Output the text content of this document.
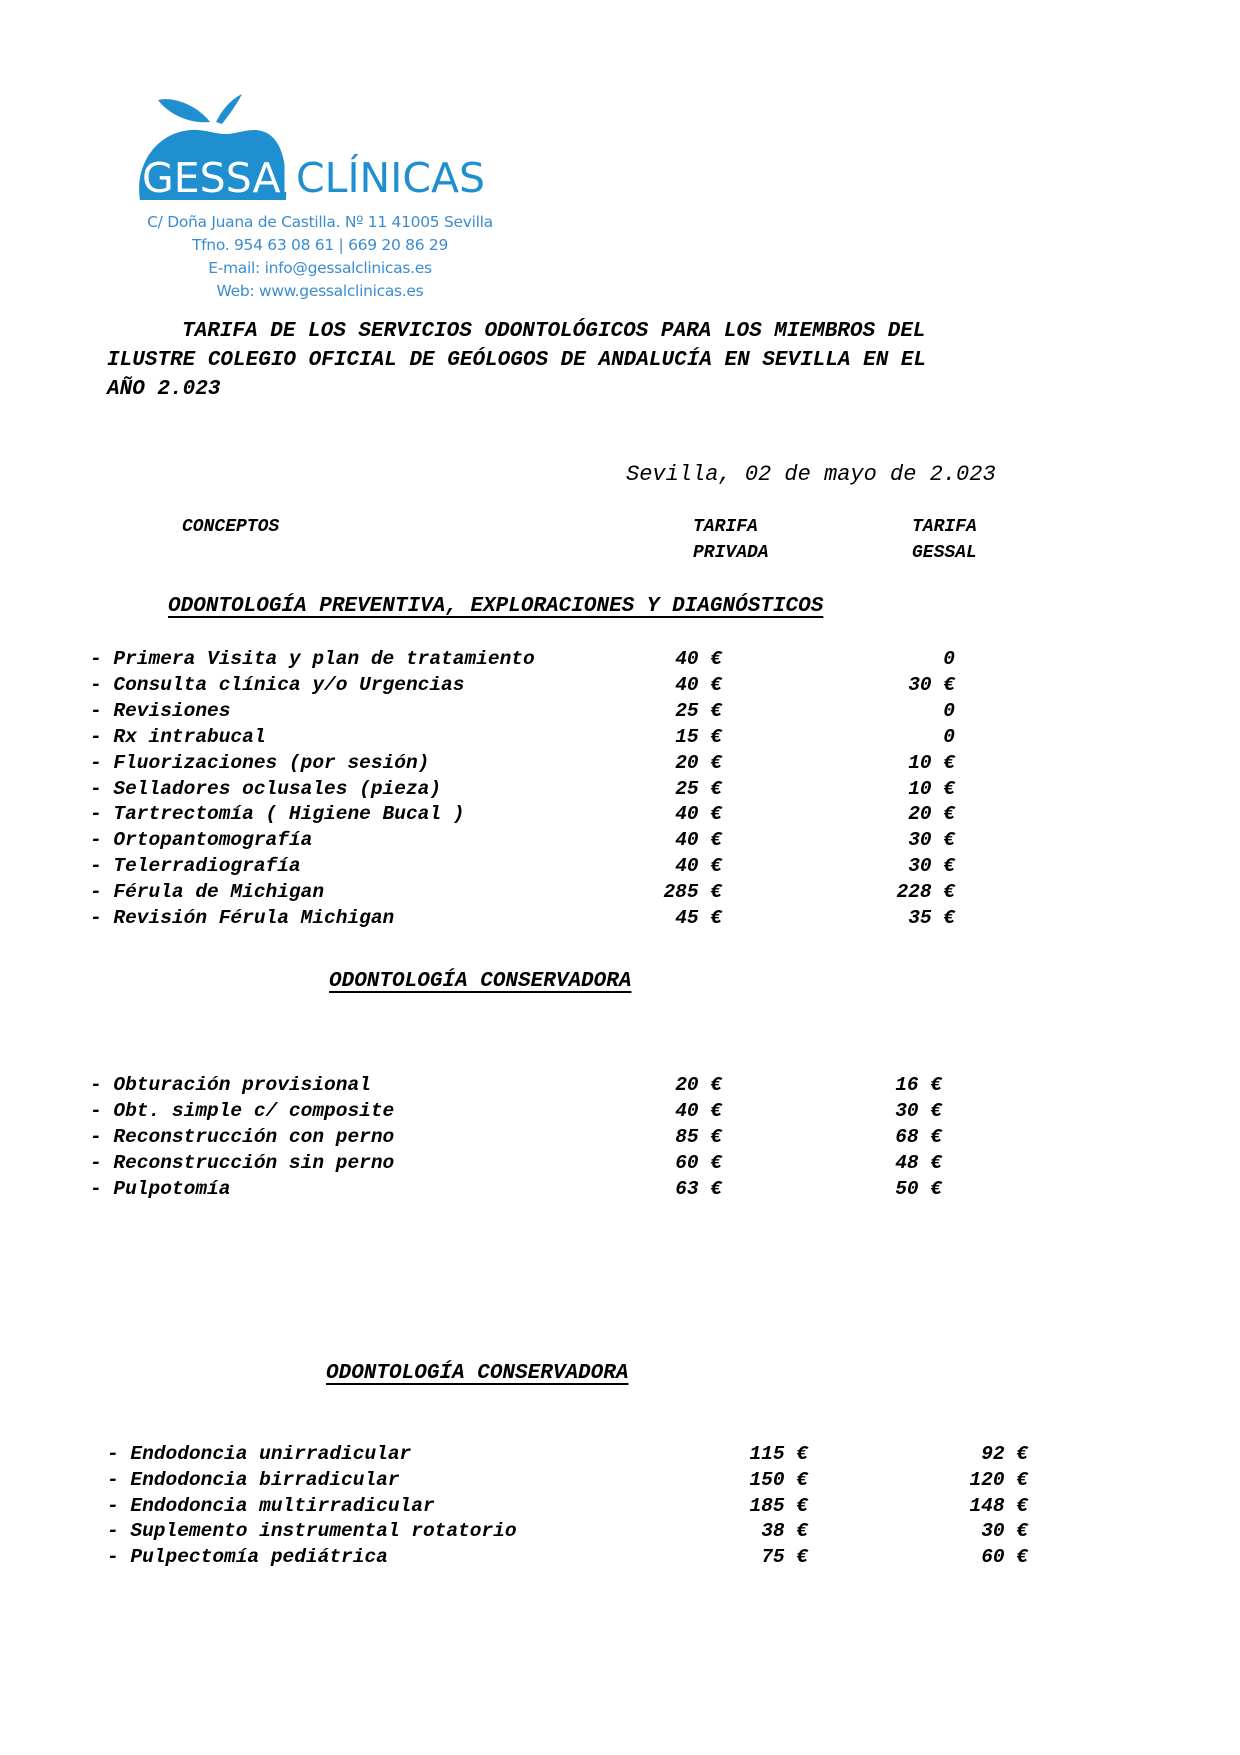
GESSAL
CLÍNICAS
C/ Doña Juana de Castilla. Nº 11 41005 Sevilla
Tfno. 954 63 08 61 | 669 20 86 29
E-mail: info@gessalclinicas.es
Web: www.gessalclinicas.es
TARIFA DE LOS SERVICIOS ODONTOLÓGICOS PARA LOS MIEMBROS DEL
ILUSTRE COLEGIO OFICIAL DE GEÓLOGOS DE ANDALUCÍA EN SEVILLA EN EL
AÑO 2.023
Sevilla, 02 de mayo de 2.023
CONCEPTOS	TARIFA
PRIVADA
TARIFA
GESSAL
ODONTOLOGÍA PREVENTIVA, EXPLORACIONES Y DIAGNÓSTICOS
- Primera Visita y plan de tratamiento	40 €	0
- Consulta clínica y/o Urgencias	40 €	30 €
- Revisiones	25 €	0
- Rx intrabucal	15 €	0
- Fluorizaciones (por sesión)	20 €	10 €
- Selladores oclusales (pieza)	25 €	10 €
- Tartrectomía ( Higiene Bucal )	40 €	20 €
- Ortopantomografía	40 €	30 €
- Telerradiografía	40 €	30 €
- Férula de Michigan	285 €	228 €
- Revisión Férula Michigan	45 €	35 €
ODONTOLOGÍA CONSERVADORA
- Obturación provisional	20 €	16 €
- Obt. simple c/ composite	40 €	30 €
- Reconstrucción con perno	85 €	68 €
- Reconstrucción sin perno	60 €	48 €
- Pulpotomía	63 €	50 €
ODONTOLOGÍA CONSERVADORA
- Endodoncia unirradicular	115 €	92 €
- Endodoncia birradicular	150 €	120 €
- Endodoncia multirradicular	185 €	148 €
- Suplemento instrumental rotatorio	38 €	30 €
- Pulpectomía pediátrica	75 €	60 €
